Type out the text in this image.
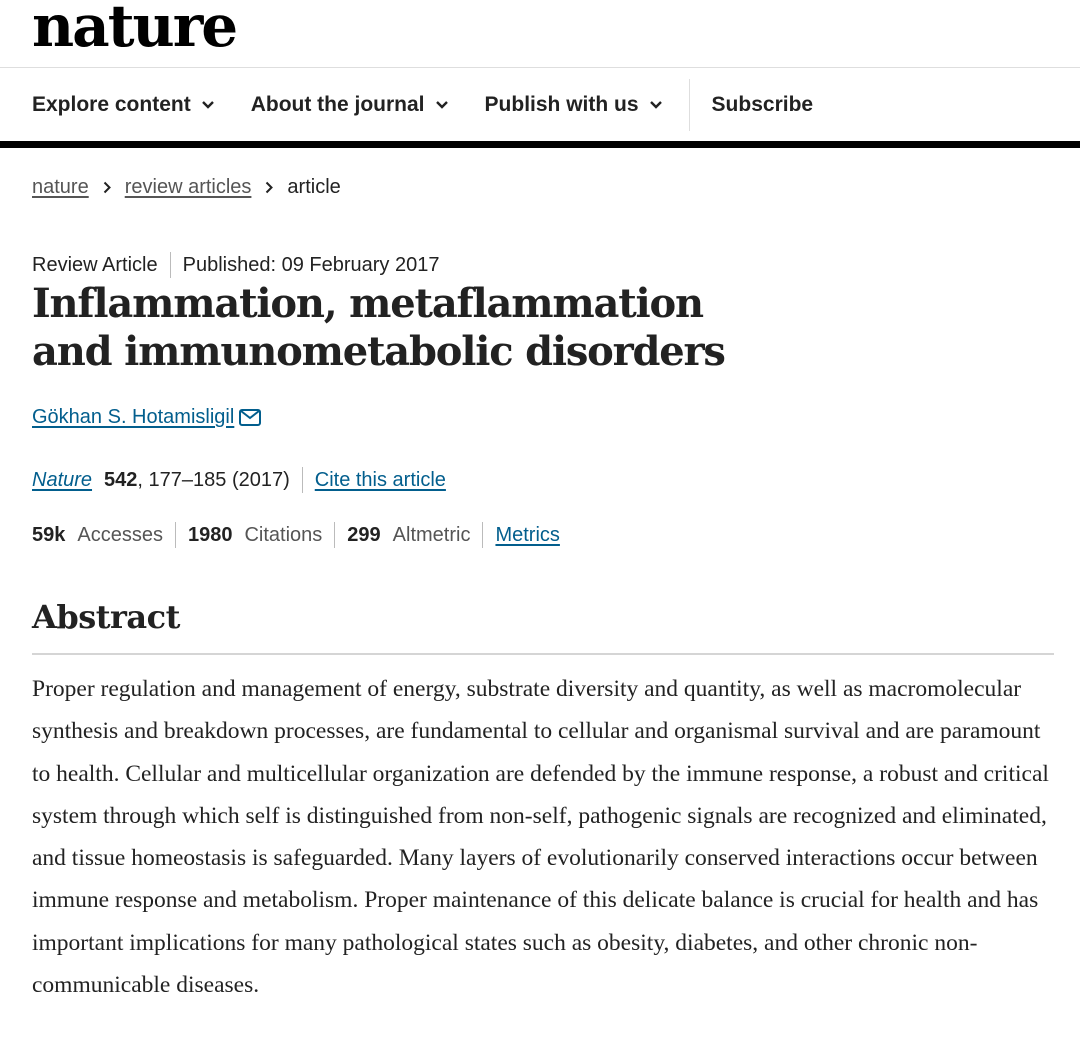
nature
Explore content	About the journal	Publish with us	Subscribe
nature review articles article
Review Article Published: 09 February 2017
Inflammation, metaflammation and immunometabolic disorders
Gökhan S. Hotamisligil
Nature 542 , 177–185 (2017) Cite this article
59k Accesses 1980 Citations 299 Altmetric Metrics
Abstract

Proper regulation and management of energy, substrate diversity and quantity, as well as macromolecular synthesis and breakdown processes, are fundamental to cellular and organismal survival and are paramount to health. Cellular and multicellular organization are defended by the immune response, a robust and critical system through which self is distinguished from non-self, pathogenic signals are recognized and eliminated, and tissue homeostasis is safeguarded. Many layers of evolutionarily conserved interactions occur between immune response and metabolism. Proper maintenance of this delicate balance is crucial for health and has important implications for many pathological states such as obesity, diabetes, and other chronic non-communicable diseases.
